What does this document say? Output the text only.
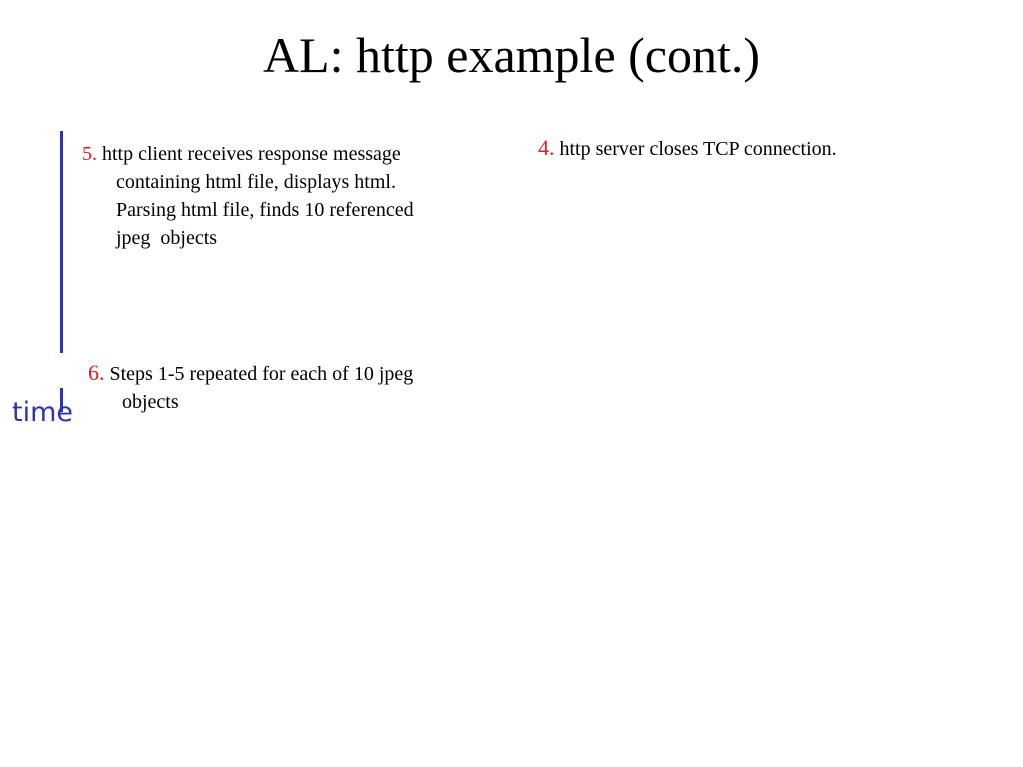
AL: http example (cont.)
time
5. http client receives response message
containing html file, displays html.
Parsing html file, finds 10 referenced
jpeg  objects
6. Steps 1-5 repeated for each of 10 jpeg
objects
4. http server closes TCP connection.
